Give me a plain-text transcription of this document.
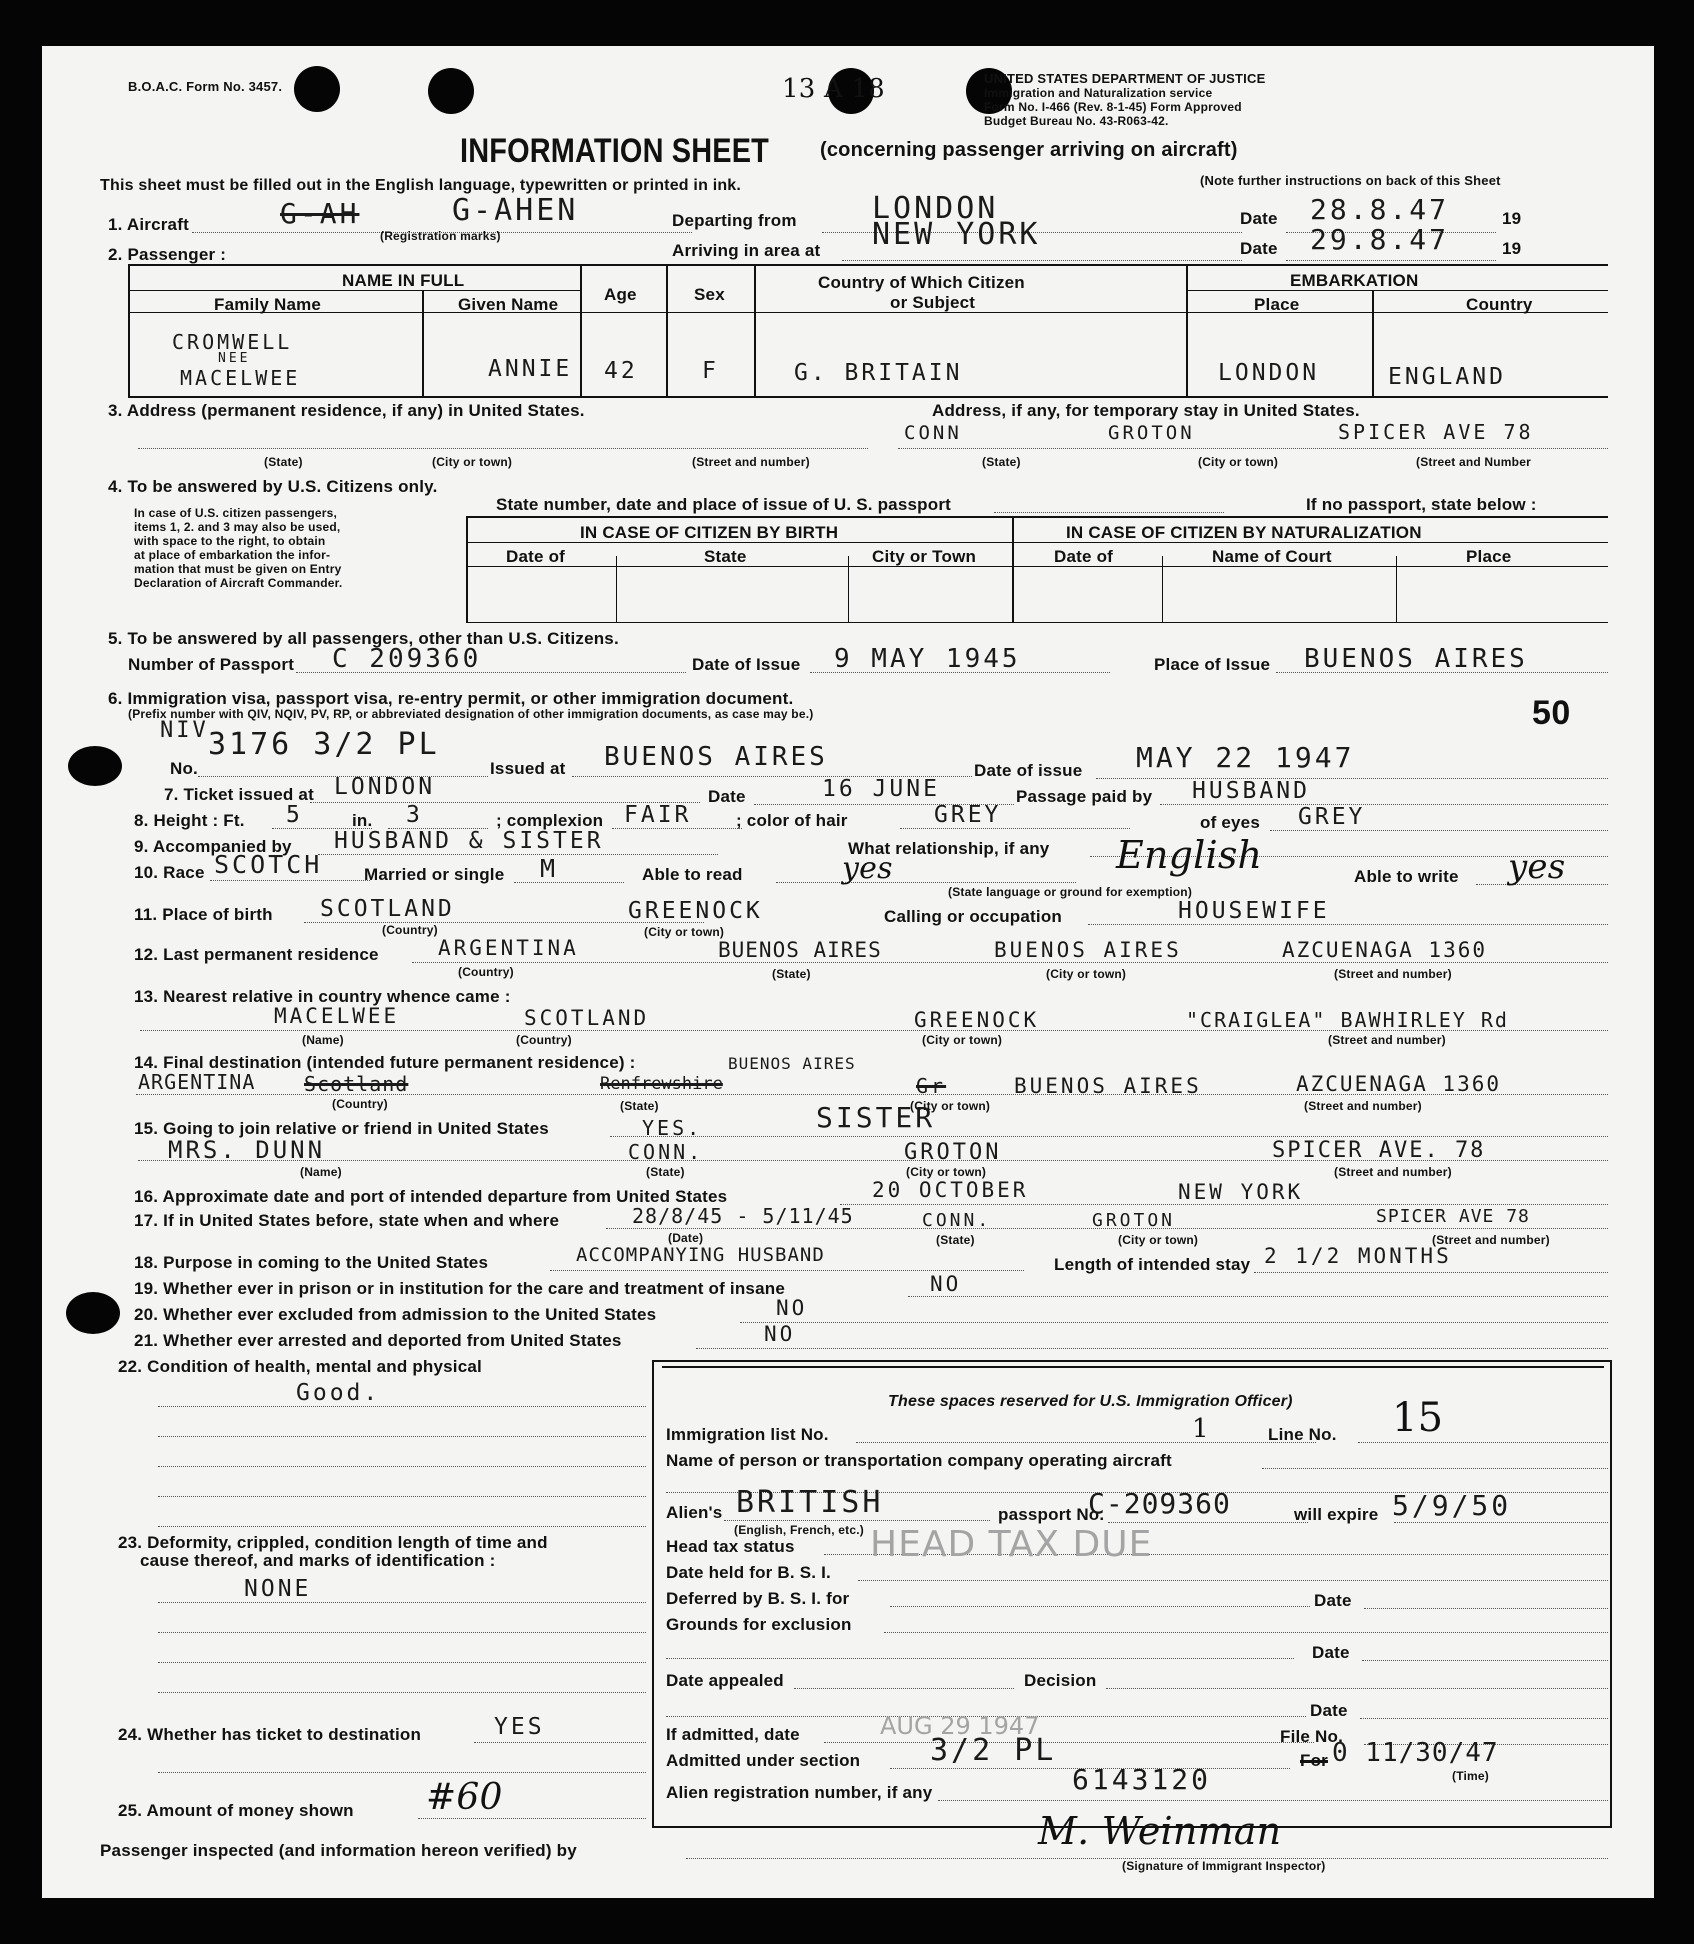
B.O.A.C. Form No. 3457.	13 A 18	UNITED STATES DEPARTMENT OF JUSTICE
Immigration and Naturalization service
Form No. I-466 (Rev. 8-1-45) Form Approved
Budget Bureau No. 43-R063-42.
INFORMATION SHEET	(concerning passenger arriving on aircraft)
This sheet must be filled out in the English language, typewritten or printed in ink.	(Note further instructions on back of this Sheet
1. Aircraft	G-AH	G-AHEN
(Registration marks)
Departing from	LONDON	Date 28.8.47	19
2. Passenger :	Arriving in area at NEW YORK	Date 29.8.47	19
NAME IN FULL
Family Name	Given Name
Age	Sex
Country of Which Citizen
or Subject
EMBARKATION
Place	Country
CROMWELL
NEE
MACELWEE	ANNIE 42	F	G. BRITAIN	LONDON	ENGLAND
3. Address (permanent residence, if any) in United States.	Address, if any, for temporary stay in United States.
CONN	GROTON	SPICER AVE 78
(State)	(City or town)	(Street and number)	(State)	(City or town)	(Street and Number
4. To be answered by U.S. Citizens only.
In case of U.S. citizen passengers,
items 1, 2. and 3 may also be used,
with space to the right, to obtain
at place of embarkation the infor-
mation that must be given on Entry
Declaration of Aircraft Commander.
State number, date and place of issue of U. S. passport	If no passport, state below :
IN CASE OF CITIZEN BY BIRTH	IN CASE OF CITIZEN BY NATURALIZATION
Date of	State	City or Town	Date of	Name of Court	Place
5. To be answered by all passengers, other than U.S. Citizens.
Number of Passport C 209360	Date of Issue 9 MAY 1945	Place of Issue BUENOS AIRES
6. Immigration visa, passport visa, re-entry permit, or other immigration document.
(Prefix number with QIV, NQIV, PV, RP, or abbreviated designation of other immigration documents, as case may be.)	50
NIV
No.
3176 3/2 PL
Issued at BUENOS AIRES	Date of issue MAY 22 1947
7. Ticket issued at LONDON	Date	16 JUNE	Passage paid by HUSBAND
8. Height : Ft. 5	in. 3	; complexion FAIR	; color of hair	GREY	of eyes GREY
9. Accompanied by HUSBAND & SISTER	What relationship, if any
10. Race SCOTCH Married or single M	Able to read	yes	English
(State language or ground for exemption)
Able to write yes
11. Place of birth SCOTLAND	GREENOCK
(Country)	(City or town)
Calling or occupation	HOUSEWIFE
12. Last permanent residence	ARGENTINA	BUENOS AIRES	BUENOS AIRES	AZCUENAGA 1360
(Country)	(State)	(City or town)	(Street and number)
13. Nearest relative in country whence came :
MACELWEE	SCOTLAND	GREENOCK	"CRAIGLEA" BAWHIRLEY Rd
(Name)	(Country)	(City or town)	(Street and number)
14. Final destination (intended future permanent residence) :	BUENOS AIRES
ARGENTINA Scotland	Renfrewshire	Gr	BUENOS AIRES	AZCUENAGA 1360
(Country)	(State)	(City or town)	(Street and number)
15. Going to join relative or friend in United States	YES.	SISTER
MRS. DUNN	CONN.	GROTON	SPICER AVE. 78
(Name)	(State)	(City or town)	(Street and number)
16. Approximate date and port of intended departure from United States	20 OCTOBER	NEW YORK
17. If in United States before, state when and where	28/8/45 - 5/11/45	CONN.	GROTON	SPICER AVE 78
(Date)	(State)	(City or town)	(Street and number)
18. Purpose in coming to the United States	ACCOMPANYING HUSBAND	Length of intended stay 2 1/2 MONTHS
19. Whether ever in prison or in institution for the care and treatment of insane	NO
20. Whether ever excluded from admission to the United States	NO
21. Whether ever arrested and deported from United States	NO
22. Condition of health, mental and physical
Good.
23. Deformity, crippled, condition length of time and
cause thereof, and marks of identification :
NONE
24. Whether has ticket to destination	YES
25. Amount of money shown #60
These spaces reserved for U.S. Immigration Officer)
Immigration list No.	1	Line No. 15
Name of person or transportation company operating aircraft
Alien's BRITISH
(English, French, etc.)
passport No.
C-209360	will expire 5/9/50
Head tax status HEAD TAX DUE
Date held for B. S. I.
Deferred by B. S. I. for	Date
Grounds for exclusion
Date
Date appealed	Decision
Date
If admitted, date	AUG 29 1947	File No.
Admitted under section 3/2 PL	For 0 11/30/47
(Time)
Alien registration number, if any	6143120
Passenger inspected (and information hereon verified) by	M. Weinman
(Signature of Immigrant Inspector)
